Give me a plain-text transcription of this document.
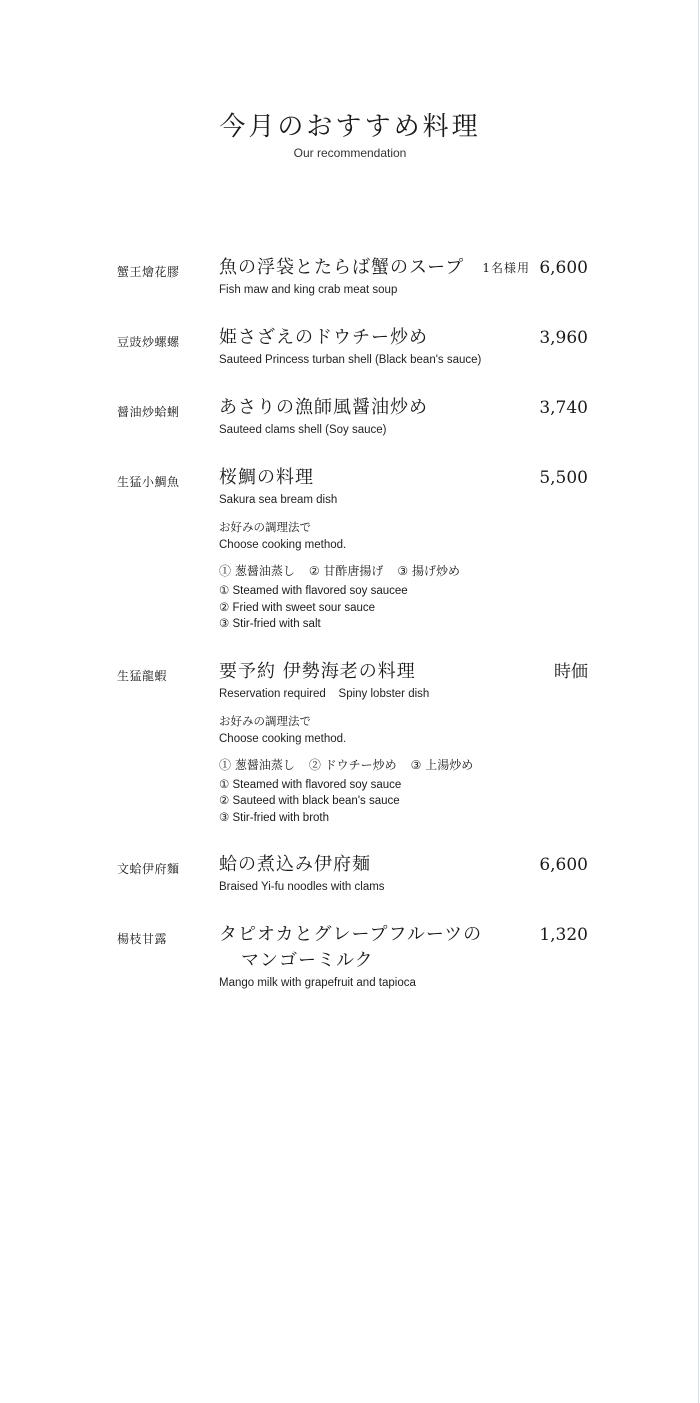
今月のおすすめ料理
Our recommendation
蟹王燴花膠 魚の浮袋とたらば蟹のスープ
Fish maw and king crab meat soup
1名様用 6,600
豆豉炒螺螺 姫さざえのドウチー炒め
Sauteed Princess turban shell (Black bean's sauce)
3,960
醤油炒蛤蜊 あさりの漁師風醤油炒め
Sauteed clams shell (Soy sauce)
3,740
生猛小鯛魚 桜鯛の料理
Sakura sea bream dish
お好みの調理法で
Choose cooking method.
① 葱醤油蒸し ② 甘酢唐揚げ ③ 揚げ炒め
① Steamed with flavored soy saucee
② Fried with sweet sour sauce
③ Stir-fried with salt
5,500
生猛龍蝦	要予約 伊勢海老の料理
Reservation required    Spiny lobster dish
お好みの調理法で
Choose cooking method.
① 葱醤油蒸し ② ドウチー炒め ③ 上湯炒め
① Steamed with flavored soy sauce
② Sauteed with black bean's sauce
③ Stir-fried with broth
時価
文蛤伊府麵 蛤の煮込み伊府麺
Braised Yi-fu noodles with clams
6,600
楊枝甘露	タピオカとグレープフルーツの
マンゴーミルク
Mango milk with grapefruit and tapioca
1,320
